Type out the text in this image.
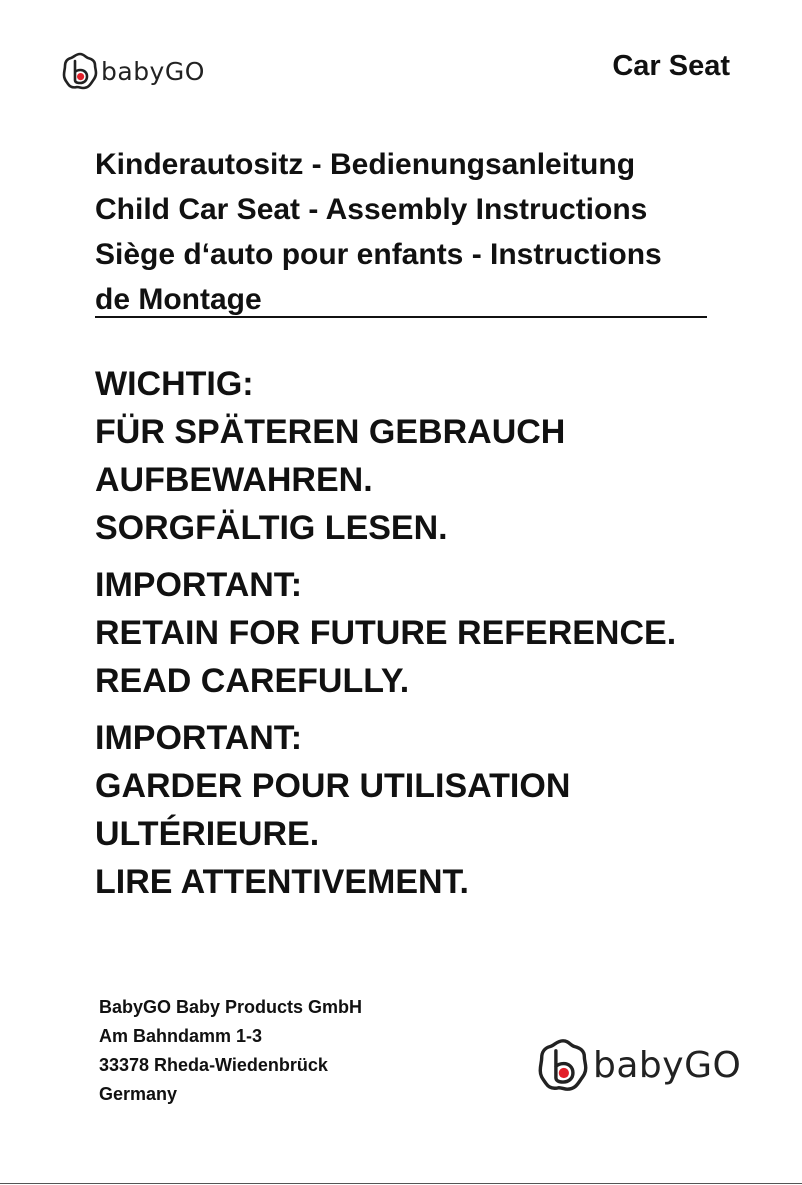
babyGO	Car Seat
Kinderautositz - Bedienungsanleitung
Child Car Seat - Assembly Instructions
Siège d‘auto pour enfants - Instructions
de Montage
WICHTIG:
FÜR SPÄTEREN GEBRAUCH
AUFBEWAHREN.
SORGFÄLTIG LESEN.
IMPORTANT:
RETAIN FOR FUTURE REFERENCE.
READ CAREFULLY.
IMPORTANT:
GARDER POUR UTILISATION
ULTÉRIEURE.
LIRE ATTENTIVEMENT.
BabyGO Baby Products GmbH
Am Bahndamm 1-3
33378 Rheda-Wiedenbrück
Germany
babyGO
